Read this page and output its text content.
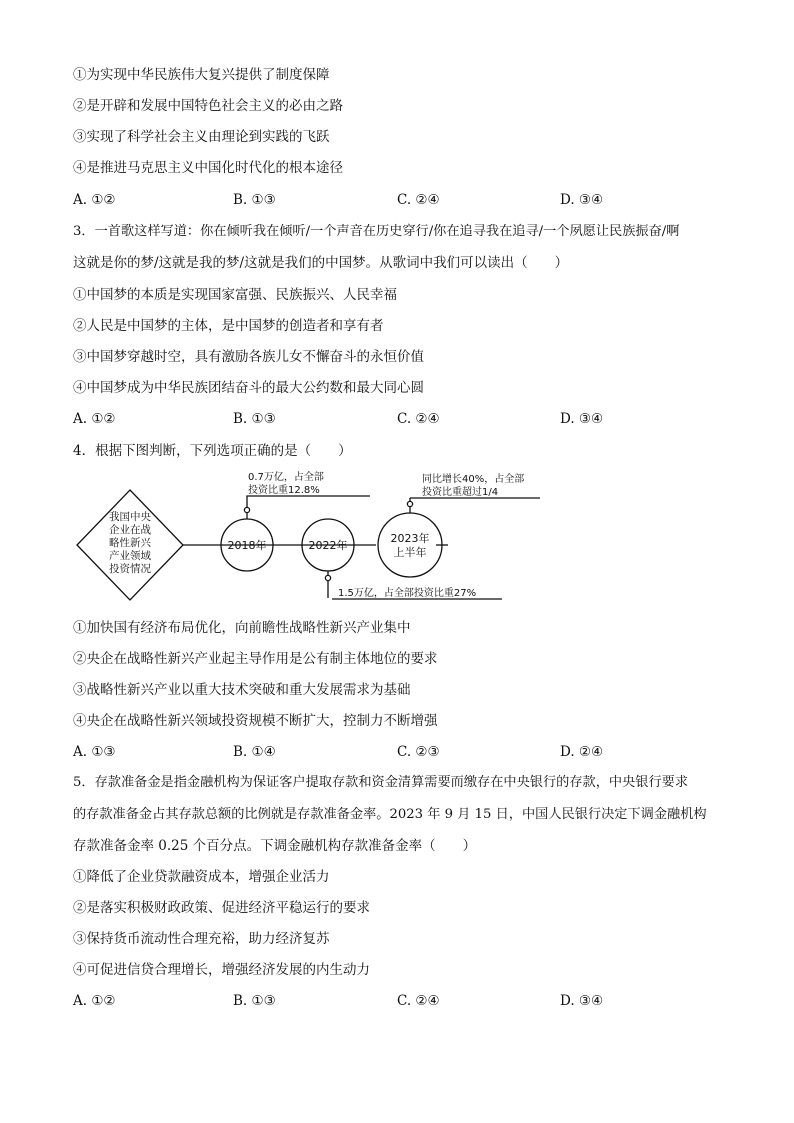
①为实现中华民族伟大复兴提供了制度保障
②是开辟和发展中国特色社会主义的必由之路
③实现了科学社会主义由理论到实践的飞跃
④是推进马克思主义中国化时代化的根本途径
A. ①②	B. ①③	C. ②④	D. ③④
3．一首歌这样写道：你在倾听我在倾听/一个声音在历史穿行/你在追寻我在追寻/一个夙愿让民族振奋/啊
这就是你的梦/这就是我的梦/这就是我们的中国梦。从歌词中我们可以读出（　　）
①中国梦的本质是实现国家富强、民族振兴、人民幸福
②人民是中国梦的主体，是中国梦的创造者和享有者
③中国梦穿越时空，具有激励各族儿女不懈奋斗的永恒价值
④中国梦成为中华民族团结奋斗的最大公约数和最大同心圆
A. ①②	B. ①③	C. ②④	D. ③④
4．根据下图判断，下列选项正确的是（　　）
我国中央
企业在战
略性新兴
产业领域
投资情况
2018年	2022年
2023年
上半年
0.7万亿，占全部
投资比重12.8%
1.5万亿，占全部投资比重27%
同比增长40%，占全部
投资比重超过1/4
①加快国有经济布局优化，向前瞻性战略性新兴产业集中
②央企在战略性新兴产业起主导作用是公有制主体地位的要求
③战略性新兴产业以重大技术突破和重大发展需求为基础
④央企在战略性新兴领域投资规模不断扩大，控制力不断增强
A. ①③	B. ①④	C. ②③	D. ②④
5．存款准备金是指金融机构为保证客户提取存款和资金清算需要而缴存在中央银行的存款，中央银行要求
的存款准备金占其存款总额的比例就是存款准备金率。2023 年 9 月 15 日，中国人民银行决定下调金融机构
存款准备金率 0.25 个百分点。下调金融机构存款准备金率（　　）
①降低了企业贷款融资成本，增强企业活力
②是落实积极财政政策、促进经济平稳运行的要求
③保持货币流动性合理充裕，助力经济复苏
④可促进信贷合理增长，增强经济发展的内生动力
A. ①②	B. ①③	C. ②④	D. ③④
